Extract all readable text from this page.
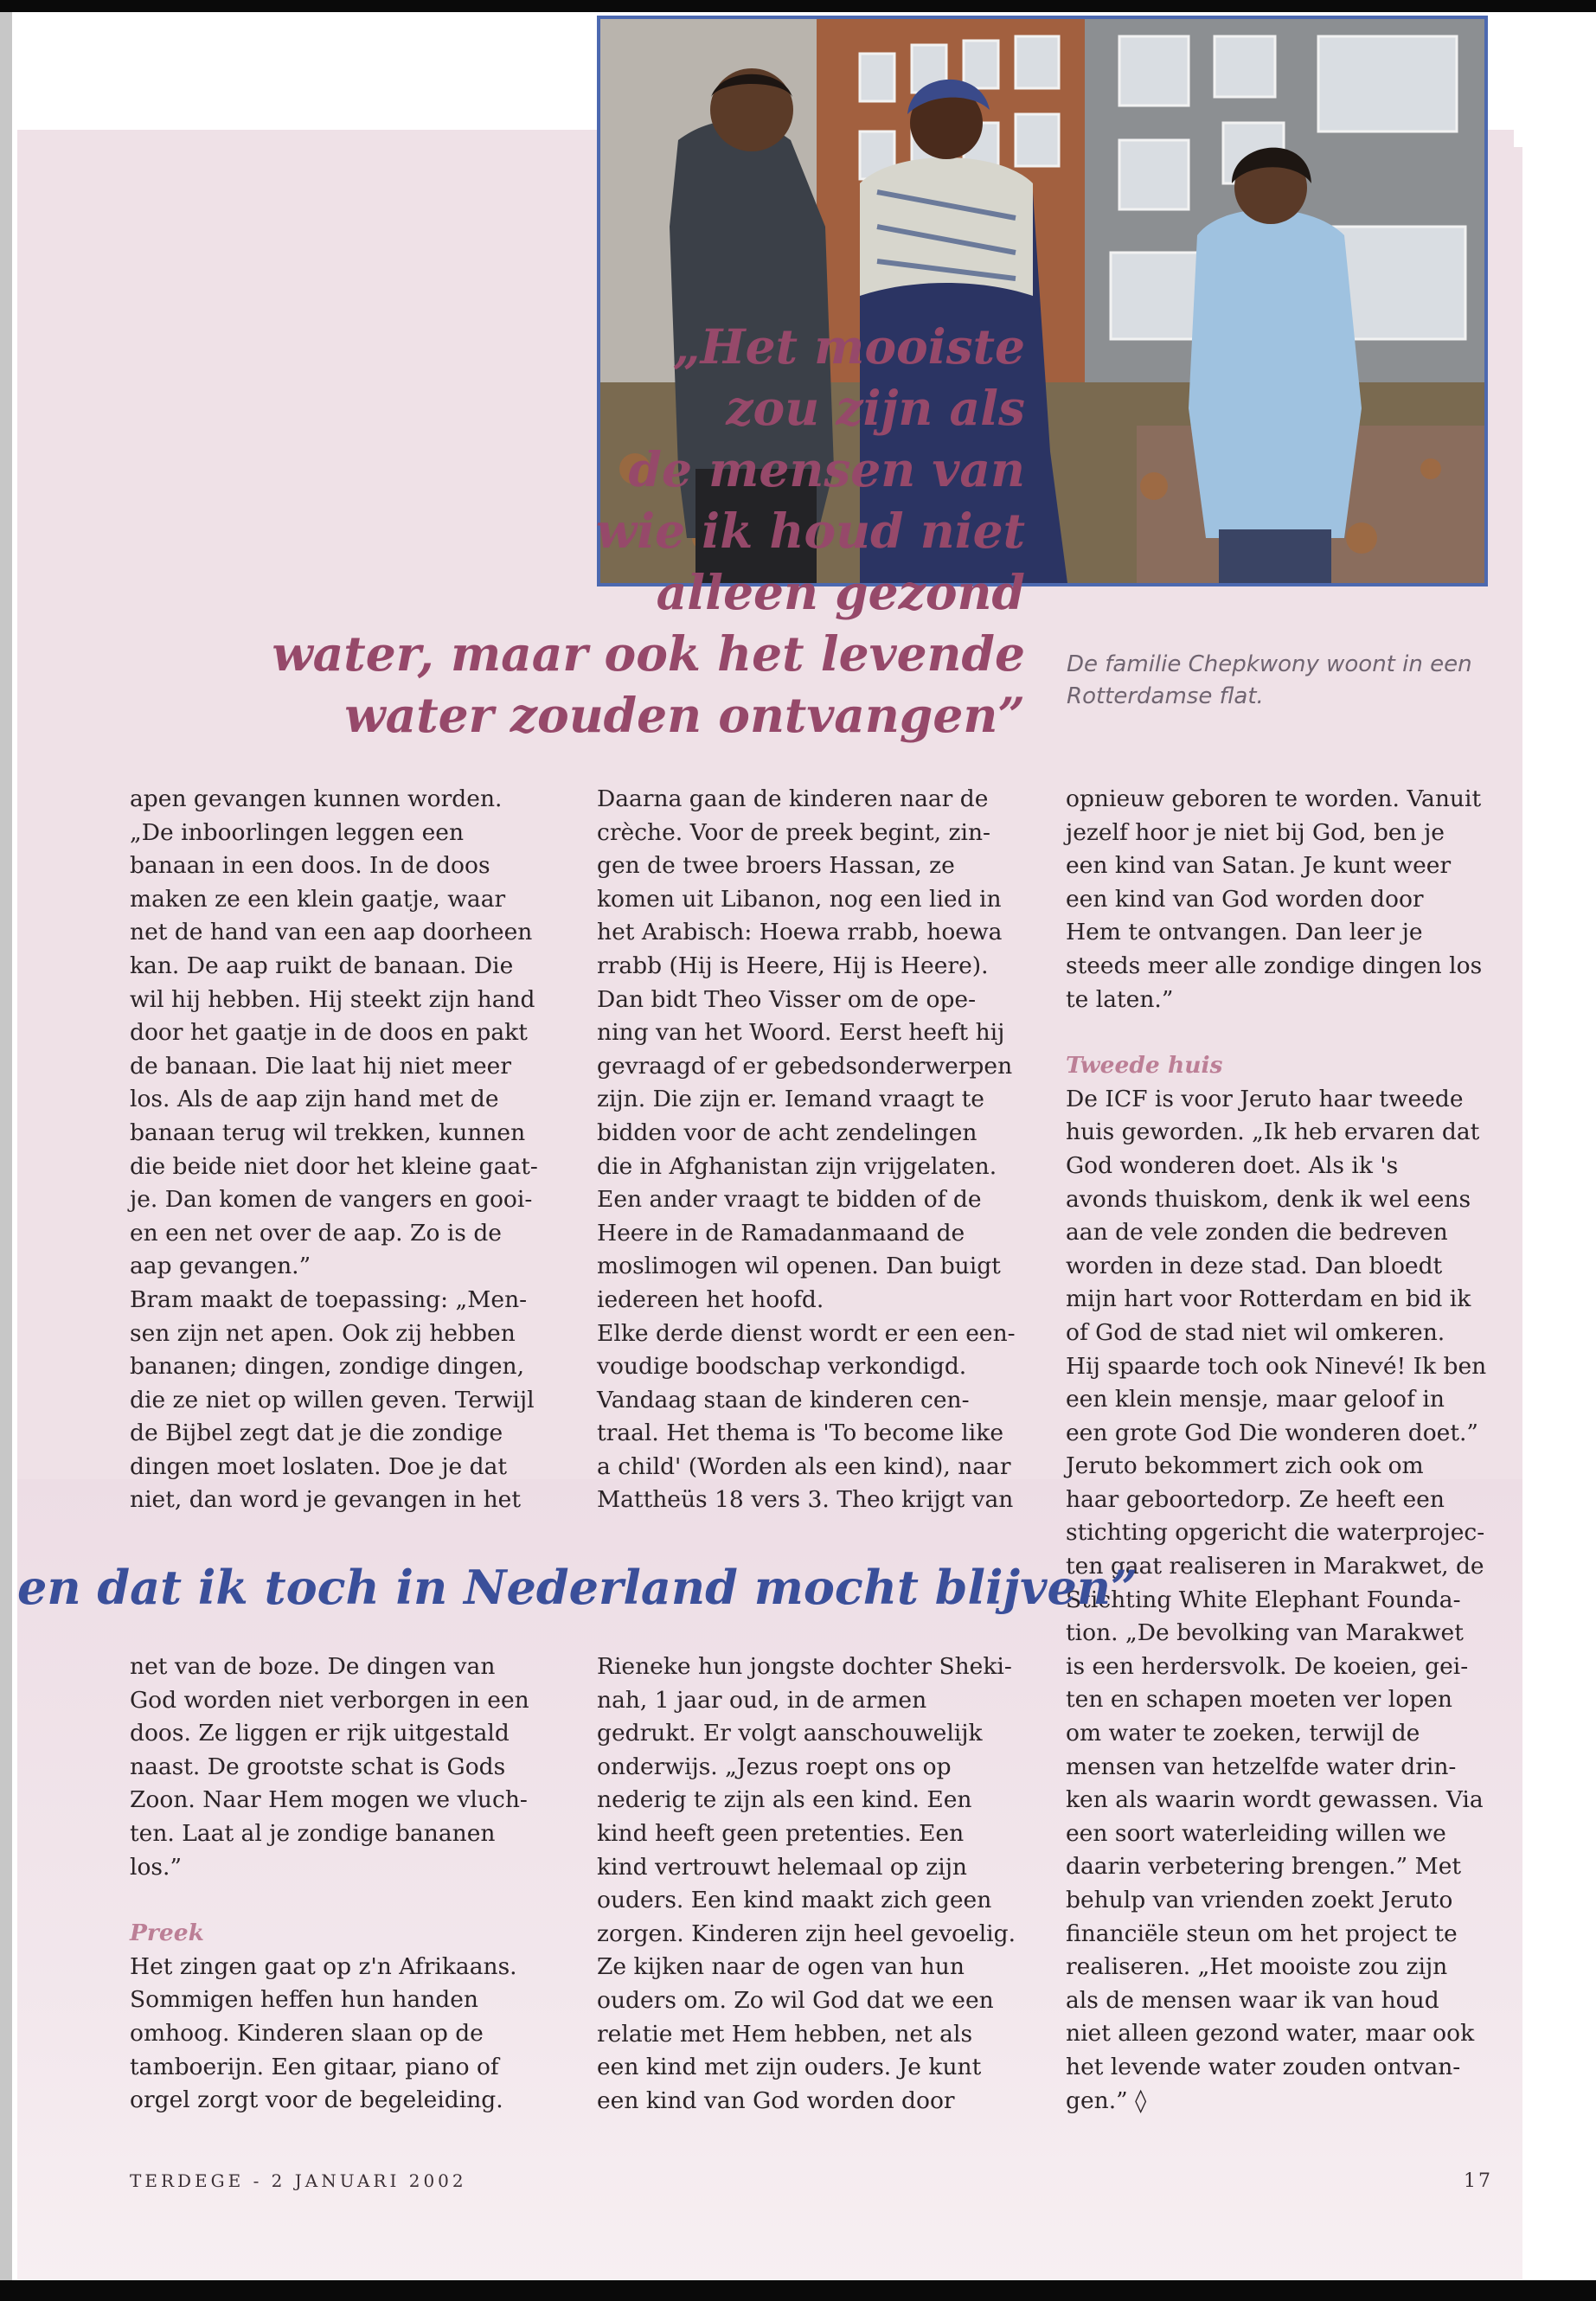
„Het mooiste
zou zijn als
de mensen van
wie ik houd niet
alleen gezond
water, maar ook het levende
water zouden ontvangen”
De familie Chepkwony woont in een
Rotterdamse flat.

apen gevangen kunnen worden.
„De inboorlingen leggen een
banaan in een doos. In de doos
maken ze een klein gaatje, waar
net de hand van een aap doorheen
kan. De aap ruikt de banaan. Die
wil hij hebben. Hij steekt zijn hand
door het gaatje in de doos en pakt
de banaan. Die laat hij niet meer
los. Als de aap zijn hand met de
banaan terug wil trekken, kunnen
die beide niet door het kleine gaat-
je. Dan komen de vangers en gooi-
en een net over de aap. Zo is de
aap gevangen.”
Bram maakt de toepassing: „Men-
sen zijn net apen. Ook zij hebben
bananen; dingen, zondige dingen,
die ze niet op willen geven. Terwijl
de Bijbel zegt dat je die zondige
dingen moet loslaten. Doe je dat
niet, dan word je gevangen in het

Daarna gaan de kinderen naar de
crèche. Voor de preek begint, zin-
gen de twee broers Hassan, ze
komen uit Libanon, nog een lied in
het Arabisch: Hoewa rrabb, hoewa
rrabb (Hij is Heere, Hij is Heere).
Dan bidt Theo Visser om de ope-
ning van het Woord. Eerst heeft hij
gevraagd of er gebedsonderwerpen
zijn. Die zijn er. Iemand vraagt te
bidden voor de acht zendelingen
die in Afghanistan zijn vrijgelaten.
Een ander vraagt te bidden of de
Heere in de Ramadanmaand de
moslimogen wil openen. Dan buigt
iedereen het hoofd.
Elke derde dienst wordt er een een-
voudige boodschap verkondigd.
Vandaag staan de kinderen cen-
traal. Het thema is 'To become like
a child' (Worden als een kind), naar
Mattheüs 18 vers 3. Theo krijgt van

opnieuw geboren te worden. Vanuit
jezelf hoor je niet bij God, ben je
een kind van Satan. Je kunt weer
een kind van God worden door
Hem te ontvangen. Dan leer je
steeds meer alle zondige dingen los
te laten.”

Tweede huis

De ICF is voor Jeruto haar tweede
huis geworden. „Ik heb ervaren dat
God wonderen doet. Als ik 's
avonds thuiskom, denk ik wel eens
aan de vele zonden die bedreven
worden in deze stad. Dan bloedt
mijn hart voor Rotterdam en bid ik
of God de stad niet wil omkeren.
Hij spaarde toch ook Ninevé! Ik ben
een klein mensje, maar geloof in
een grote God Die wonderen doet.”
Jeruto bekommert zich ook om
haar geboortedorp. Ze heeft een
stichting opgericht die waterprojec-
ten gaat realiseren in Marakwet, de
Stichting White Elephant Founda-
tion. „De bevolking van Marakwet
is een herdersvolk. De koeien, gei-
ten en schapen moeten ver lopen
om water te zoeken, terwijl de
mensen van hetzelfde water drin-
ken als waarin wordt gewassen. Via
een soort waterleiding willen we
daarin verbetering brengen.” Met
behulp van vrienden zoekt Jeruto
financiële steun om het project te
realiseren. „Het mooiste zou zijn
als de mensen waar ik van houd
niet alleen gezond water, maar ook
het levende water zouden ontvan-
gen.” ◊

en dat ik toch in Nederland mocht blijven”

net van de boze. De dingen van
God worden niet verborgen in een
doos. Ze liggen er rijk uitgestald
naast. De grootste schat is Gods
Zoon. Naar Hem mogen we vluch-
ten. Laat al je zondige bananen
los.”

Preek

Het zingen gaat op z'n Afrikaans.
Sommigen heffen hun handen
omhoog. Kinderen slaan op de
tamboerijn. Een gitaar, piano of
orgel zorgt voor de begeleiding.

Rieneke hun jongste dochter Sheki-
nah, 1 jaar oud, in de armen
gedrukt. Er volgt aanschouwelijk
onderwijs. „Jezus roept ons op
nederig te zijn als een kind. Een
kind heeft geen pretenties. Een
kind vertrouwt helemaal op zijn
ouders. Een kind maakt zich geen
zorgen. Kinderen zijn heel gevoelig.
Ze kijken naar de ogen van hun
ouders om. Zo wil God dat we een
relatie met Hem hebben, net als
een kind met zijn ouders. Je kunt
een kind van God worden door

TERDEGE - 2 JANUARI 2002	17
